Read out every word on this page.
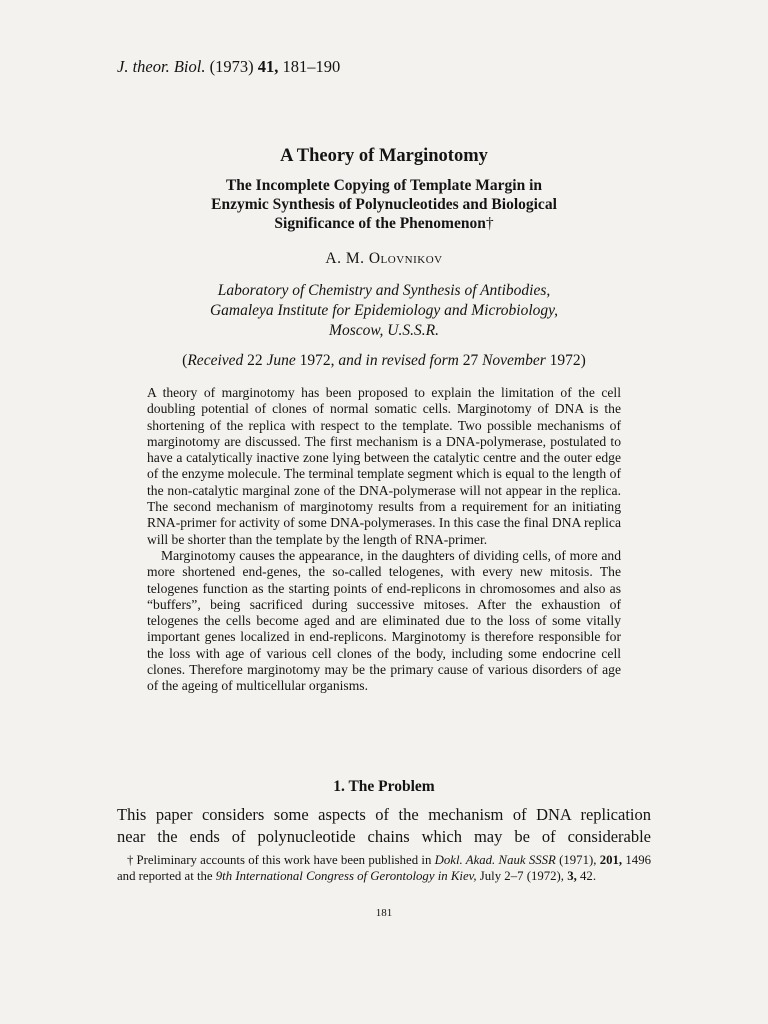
J. theor. Biol. (1973) 41, 181–190
A Theory of Marginotomy
The Incomplete Copying of Template Margin in Enzymic Synthesis of Polynucleotides and Biological Significance of the Phenomenon†
A. M. Olovnikov
Laboratory of Chemistry and Synthesis of Antibodies,
Gamaleya Institute for Epidemiology and Microbiology,
Moscow, U.S.S.R.
(Received 22 June 1972, and in revised form 27 November 1972)

A theory of marginotomy has been proposed to explain the limitation of the cell doubling potential of clones of normal somatic cells. Marginotomy of DNA is the shortening of the replica with respect to the template. Two possible mechanisms of marginotomy are discussed. The first mechanism is a DNA-polymerase, postulated to have a catalytically inactive zone lying between the catalytic centre and the outer edge of the enzyme molecule. The terminal template segment which is equal to the length of the non-catalytic marginal zone of the DNA-polymerase will not appear in the replica. The second mechanism of marginotomy results from a requirement for an initiating RNA-primer for activity of some DNA-polymerases. In this case the final DNA replica will be shorter than the template by the length of RNA-primer.

Marginotomy causes the appearance, in the daughters of dividing cells, of more and more shortened end-genes, the so-called telogenes, with every new mitosis. The telogenes function as the starting points of end-replicons in chromosomes and also as “buffers”, being sacrificed during successive mitoses. After the exhaustion of telogenes the cells become aged and are eliminated due to the loss of some vitally important genes localized in end-replicons. Marginotomy is therefore responsible for the loss with age of various cell clones of the body, including some endocrine cell clones. Therefore marginotomy may be the primary cause of various disorders of age of the ageing of multicellular organisms.

1. The Problem

This paper considers some aspects of the mechanism of DNA replication

near the ends of polynucleotide chains which may be of considerable

† Preliminary accounts of this work have been published in Dokl. Akad. Nauk SSSR (1971), 201, 1496 and reported at the 9th International Congress of Gerontology in Kiev, July 2–7 (1972), 3, 42.

181
